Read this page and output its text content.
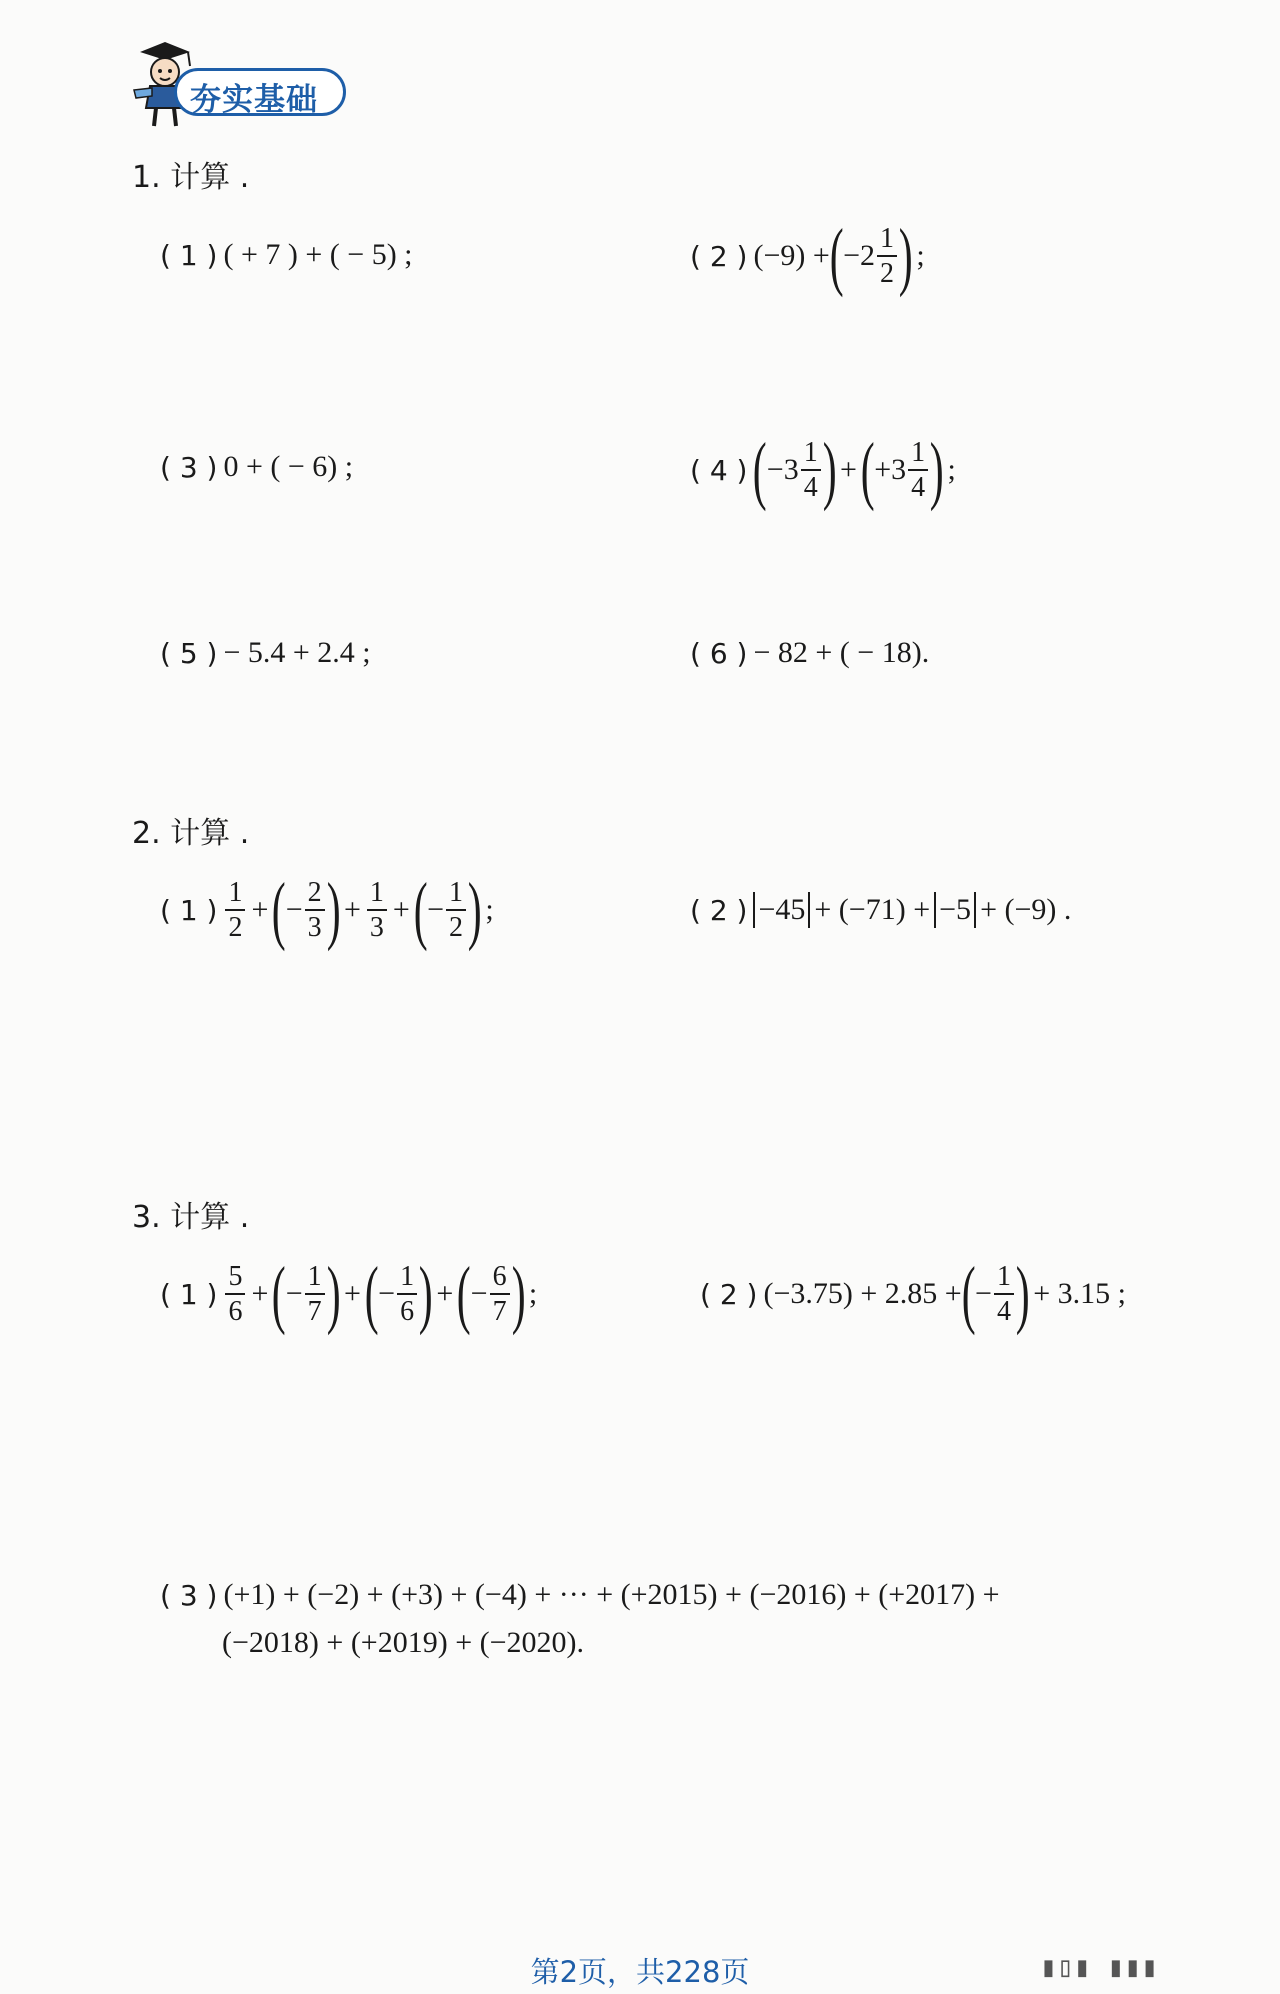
夯实基础
1. 计算 .
( 1 ) ( + 7 ) + ( − 5) ;	( 2 ) (−9) + ( $-2 \frac{1}{2}$ ) ;
( 3 ) 0 + ( − 6) ;	( 4 ) ( $-3 \frac{1}{4}$ ) + ( $+3 \frac{1}{4}$ ) ;
( 5 ) − 5.4 + 2.4 ;	( 6 ) − 82 + ( − 18).
2. 计算 .
( 1 ) $\frac{1}{2}$ + ( − $\frac{2}{3}$ ) + $\frac{1}{3}$ + ( − $\frac{1}{2}$ ) ;	( 2 ) −45 + (−71) + −5 + (−9) .
3. 计算 .
( 1 ) $\frac{5}{6}$ + ( − $\frac{1}{7}$ ) + ( − $\frac{1}{6}$ ) + ( − $\frac{6}{7}$ ) ;	( 2 ) (−3.75) + 2.85 + ( − $\frac{1}{4}$ ) + 3.15 ;
( 3 ) (+1) + (−2) + (+3) + (−4) + ··· + (+2015) + (−2016) + (+2017) +
(−2018) + (+2019) + (−2020).
第2页，共228页	▮▯▮ ▮▮▮
